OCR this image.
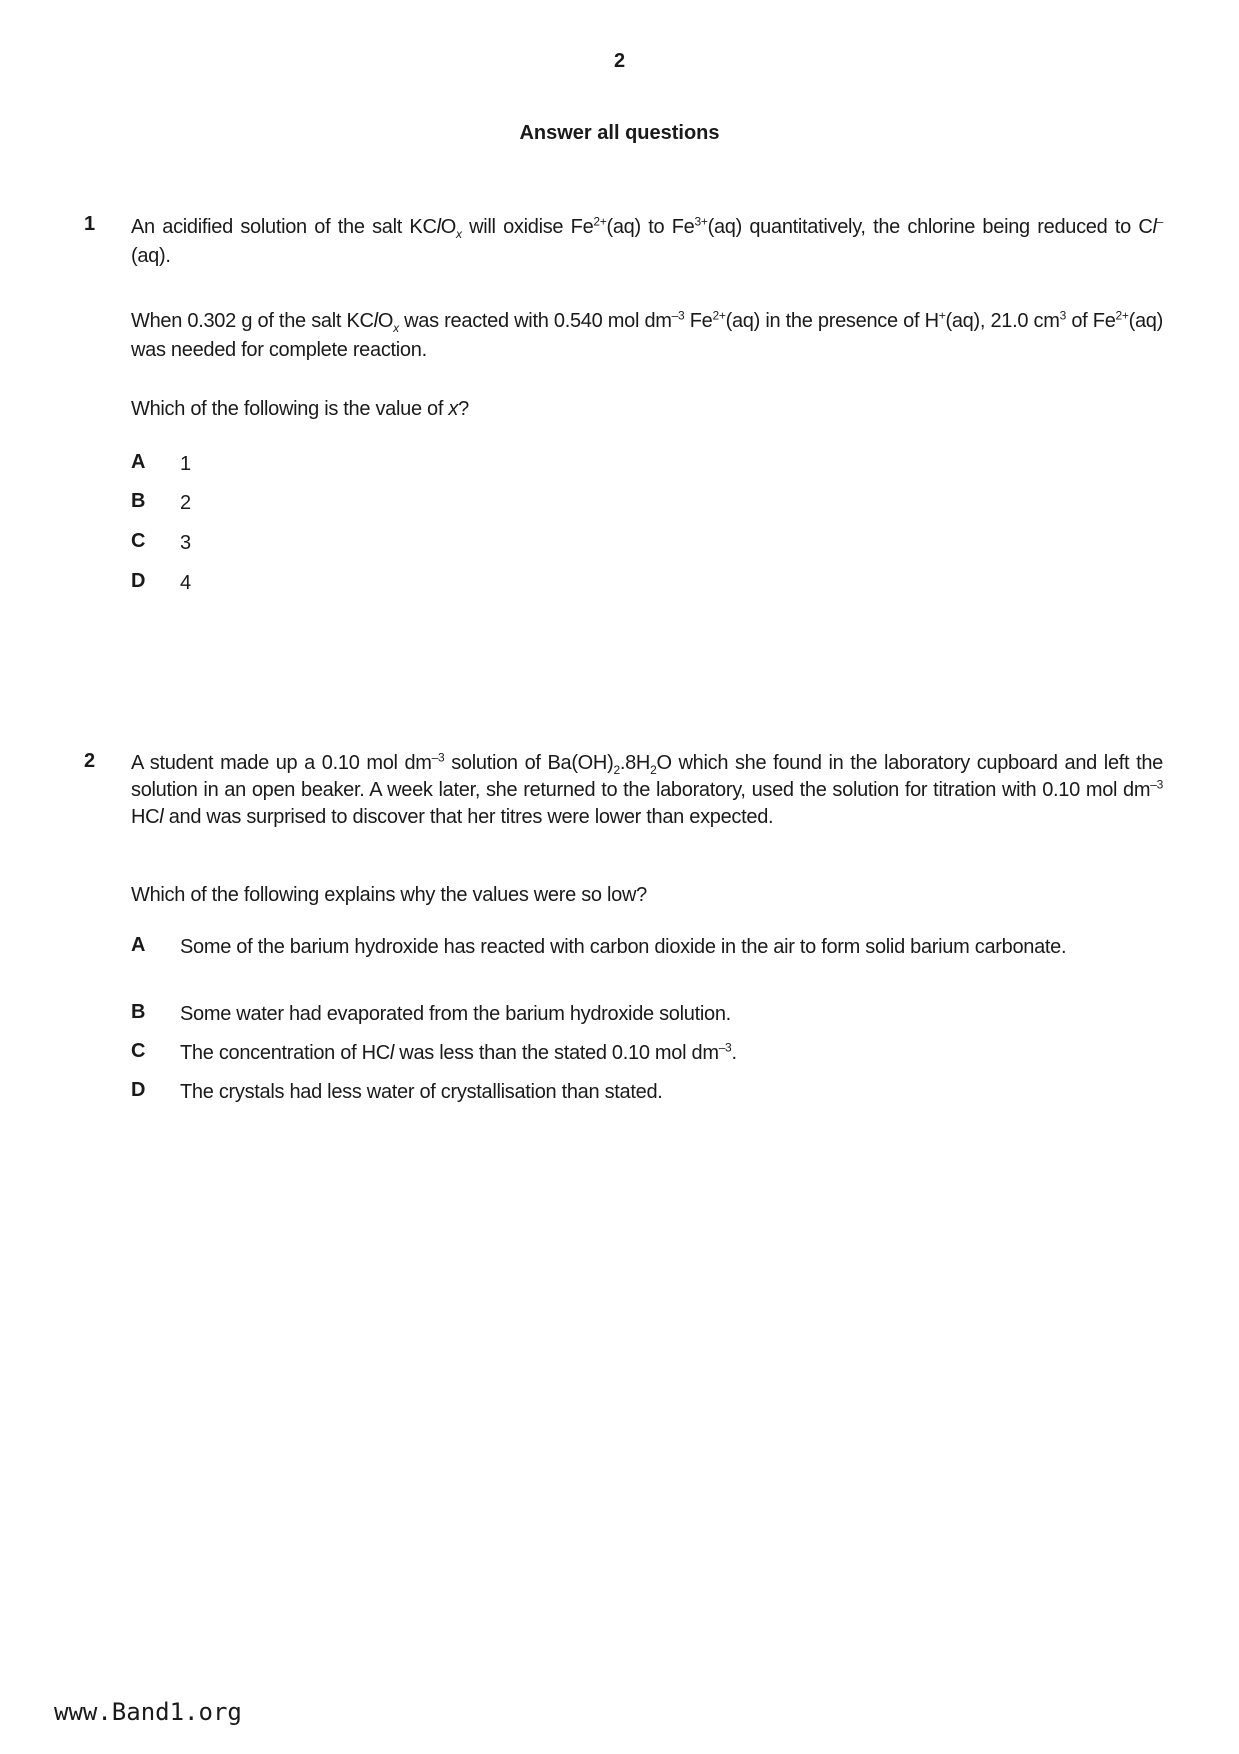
2
Answer all questions
1 An acidified solution of the salt KClO$_x$ will oxidise $Fe^{2+}(aq)$ to $Fe^{3+}(aq)$ quantitatively, the chlorine being reduced to Cl–(aq).
When 0.302 g of the salt KClO$_x$ was reacted with 0.540 mol $dm^{-3}$ $Fe^{2+}(aq)$ in the presence of H+(aq), 21.0 $cm^3$ of $Fe^{2+}(aq)$ was needed for complete reaction.
Which of the following is the value of x?
A 1
B 2
C 3
D 4
2 A student made up a 0.10 mol $dm^{-3}$ solution of $Ba(OH)_2.8H_2O$ which she found in the laboratory cupboard and left the solution in an open beaker. A week later, she returned to the laboratory, used the solution for titration with 0.10 mol $dm^{-3}$ HCl and was surprised to discover that her titres were lower than expected.
Which of the following explains why the values were so low?
A Some of the barium hydroxide has reacted with carbon dioxide in the air to form solid barium carbonate.
B Some water had evaporated from the barium hydroxide solution.
C The concentration of HCl was less than the stated 0.10 mol $dm^{-3}$.
D The crystals had less water of crystallisation than stated.
www.Band1.org
